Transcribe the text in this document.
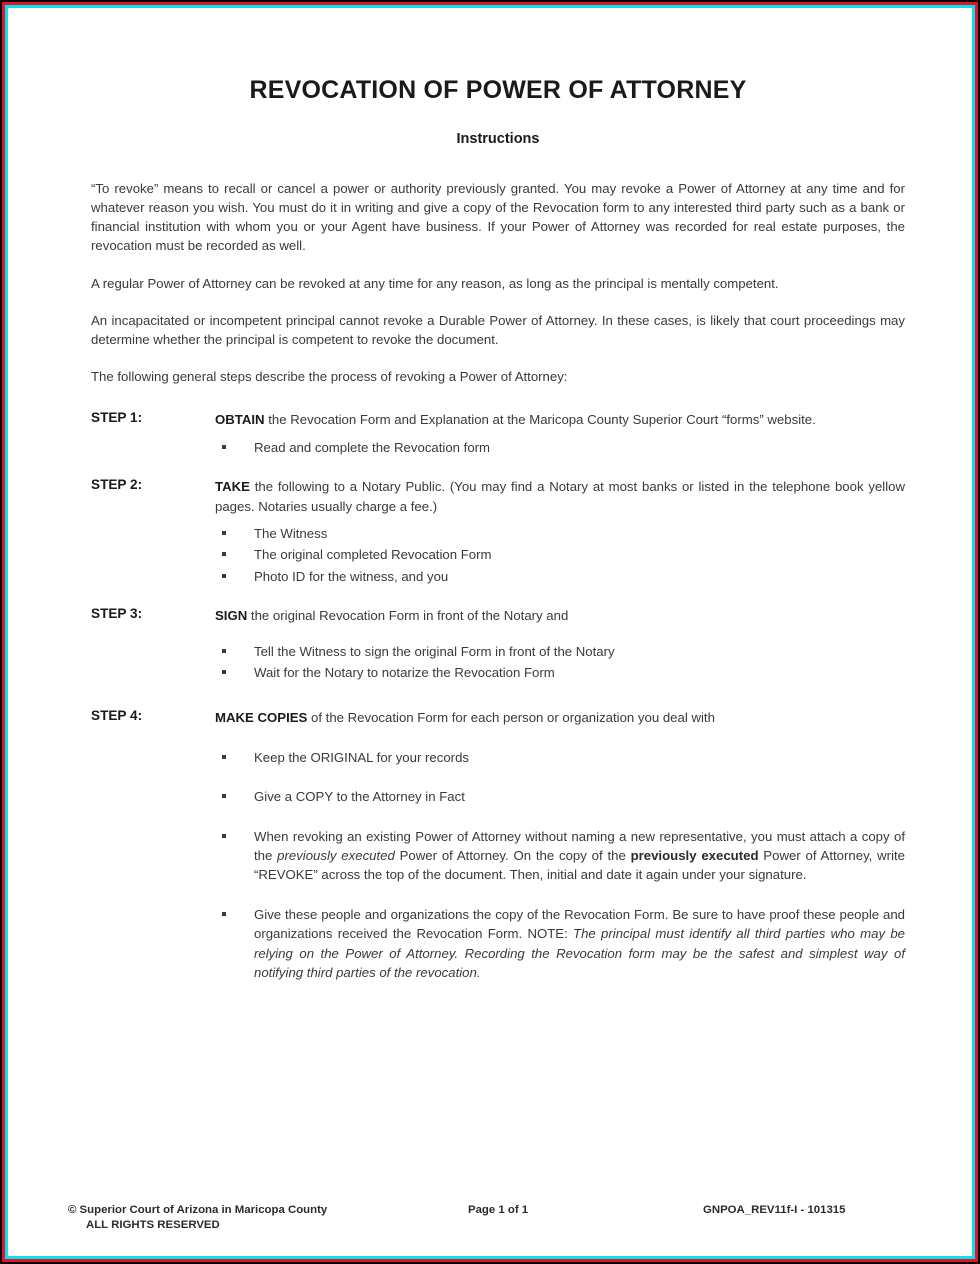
REVOCATION OF POWER OF ATTORNEY
Instructions

“To revoke” means to recall or cancel a power or authority previously granted. You may revoke a Power of Attorney at any time and for whatever reason you wish. You must do it in writing and give a copy of the Revocation form to any interested third party such as a bank or financial institution with whom you or your Agent have business. If your Power of Attorney was recorded for real estate purposes, the revocation must be recorded as well.

A regular Power of Attorney can be revoked at any time for any reason, as long as the principal is mentally competent.

An incapacitated or incompetent principal cannot revoke a Durable Power of Attorney. In these cases, is likely that court proceedings may determine whether the principal is competent to revoke the document.

The following general steps describe the process of revoking a Power of Attorney:

STEP 1:	OBTAIN the Revocation Form and Explanation at the Maricopa County Superior Court “forms” website.
Read and complete the Revocation form
STEP 2:	TAKE the following to a Notary Public. (You may find a Notary at most banks or listed in the telephone book yellow pages. Notaries usually charge a fee.)
The Witness
The original completed Revocation Form
Photo ID for the witness, and you
STEP 3:	SIGN the original Revocation Form in front of the Notary and
Tell the Witness to sign the original Form in front of the Notary
Wait for the Notary to notarize the Revocation Form
STEP 4:	MAKE COPIES of the Revocation Form for each person or organization you deal with
Keep the ORIGINAL for your records
Give a COPY to the Attorney in Fact
When revoking an existing Power of Attorney without naming a new representative, you must attach a copy of the previously executed Power of Attorney. On the copy of the previously executed Power of Attorney, write “REVOKE” across the top of the document. Then, initial and date it again under your signature.
Give these people and organizations the copy of the Revocation Form. Be sure to have proof these people and organizations received the Revocation Form. NOTE: The principal must identify all third parties who may be relying on the Power of Attorney. Recording the Revocation form may be the safest and simplest way of notifying third parties of the revocation.
© Superior Court of Arizona in Maricopa County
ALL RIGHTS RESERVED
Page 1 of 1	GNPOA_REV11f-I - 101315
